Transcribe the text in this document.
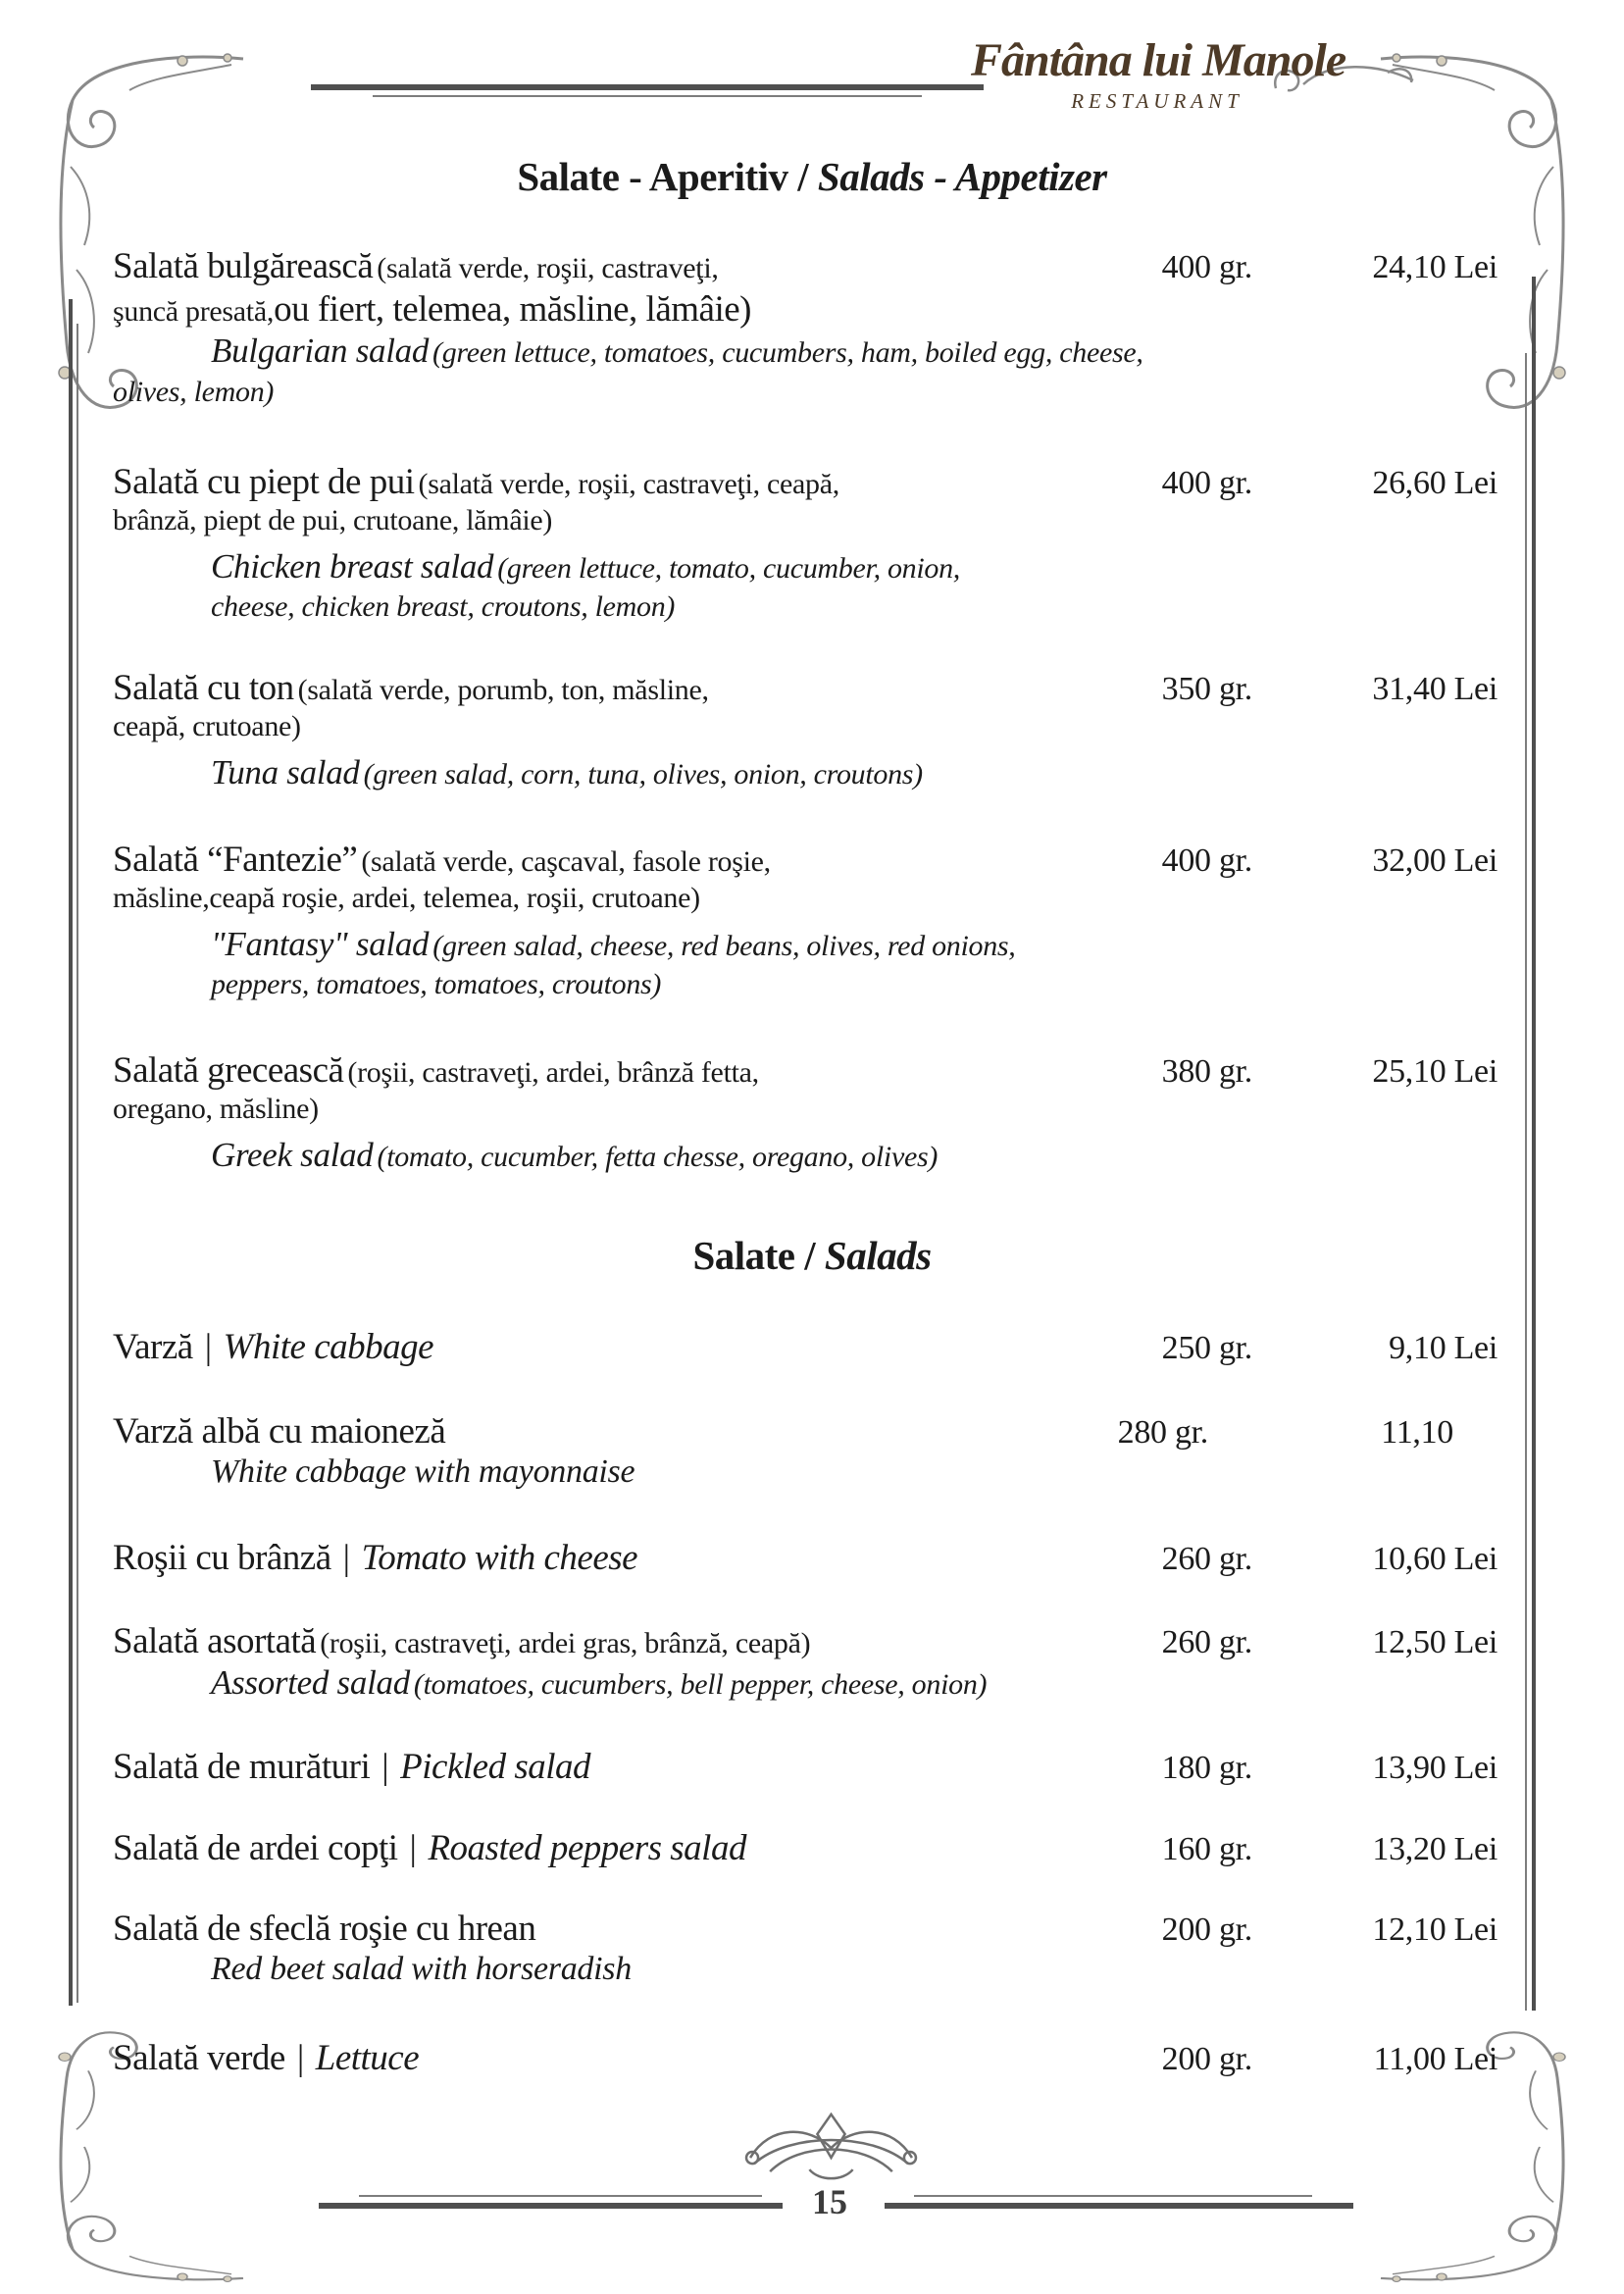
Fântâna lui Manole
RESTAURANT
Salate - Aperitiv / Salads - Appetizer
Salată bulgărească (salată verde, roşii, castraveţi,	400 gr.	24,10 Lei
şuncă presată,ou fiert, telemea, măsline, lămâie)
Bulgarian salad (green lettuce, tomatoes, cucumbers, ham, boiled egg, cheese,
olives, lemon)
Salată cu piept de pui (salată verde, roşii, castraveţi, ceapă,	400 gr.	26,60 Lei
brânză, piept de pui, crutoane, lămâie)
Chicken breast salad (green lettuce, tomato, cucumber, onion,
cheese, chicken breast, croutons, lemon)
Salată cu ton (salată verde, porumb, ton, măsline,	350 gr.	31,40 Lei
ceapă, crutoane)
Tuna salad (green salad, corn, tuna, olives, onion, croutons)
Salată “Fantezie” (salată verde, caşcaval, fasole roşie,	400 gr.	32,00 Lei
măsline,ceapă roşie, ardei, telemea, roşii, crutoane)
"Fantasy" salad (green salad, cheese, red beans, olives, red onions,
peppers, tomatoes, tomatoes, croutons)
Salată grecească (roşii, castraveţi, ardei, brânză fetta,	380 gr.	25,10 Lei
oregano, măsline)
Greek salad (tomato, cucumber, fetta chesse, oregano, olives)
Salate / Salads
Varză | White cabbage	250 gr.	9,10 Lei
Varză albă cu maioneză	280 gr.	11,10
White cabbage with mayonnaise
Roşii cu brânză | Tomato with cheese	260 gr.	10,60 Lei
Salată asortată (roşii, castraveţi, ardei gras, brânză, ceapă)	260 gr.	12,50 Lei
Assorted salad (tomatoes, cucumbers, bell pepper, cheese, onion)
Salată de murături | Pickled salad	180 gr.	13,90 Lei
Salată de ardei copţi | Roasted peppers salad	160 gr.	13,20 Lei
Salată de sfeclă roşie cu hrean	200 gr.	12,10 Lei
Red beet salad with horseradish
Salată verde | Lettuce	200 gr.	11,00 Lei
15
